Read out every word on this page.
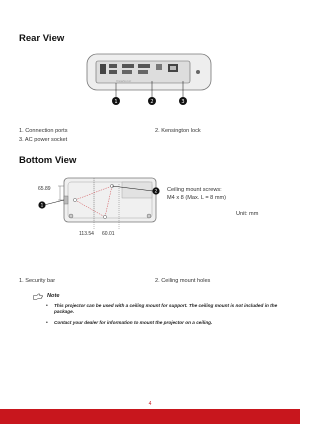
Rear View
ViewSonic
1	2	3
1. Connection ports	2. Kensington lock
3. AC power socket
Bottom View
1
2
65.89
113.54 60.01
Ceiling mount screws:
M4 x 8 (Max. L = 8 mm)
Unit: mm
1. Security bar	2. Ceiling mount holes
Note
• This projector can be used with a ceiling mount for support. The ceiling mount is not included in the package.
• Contact your dealer for information to mount the projector on a ceiling.
4
